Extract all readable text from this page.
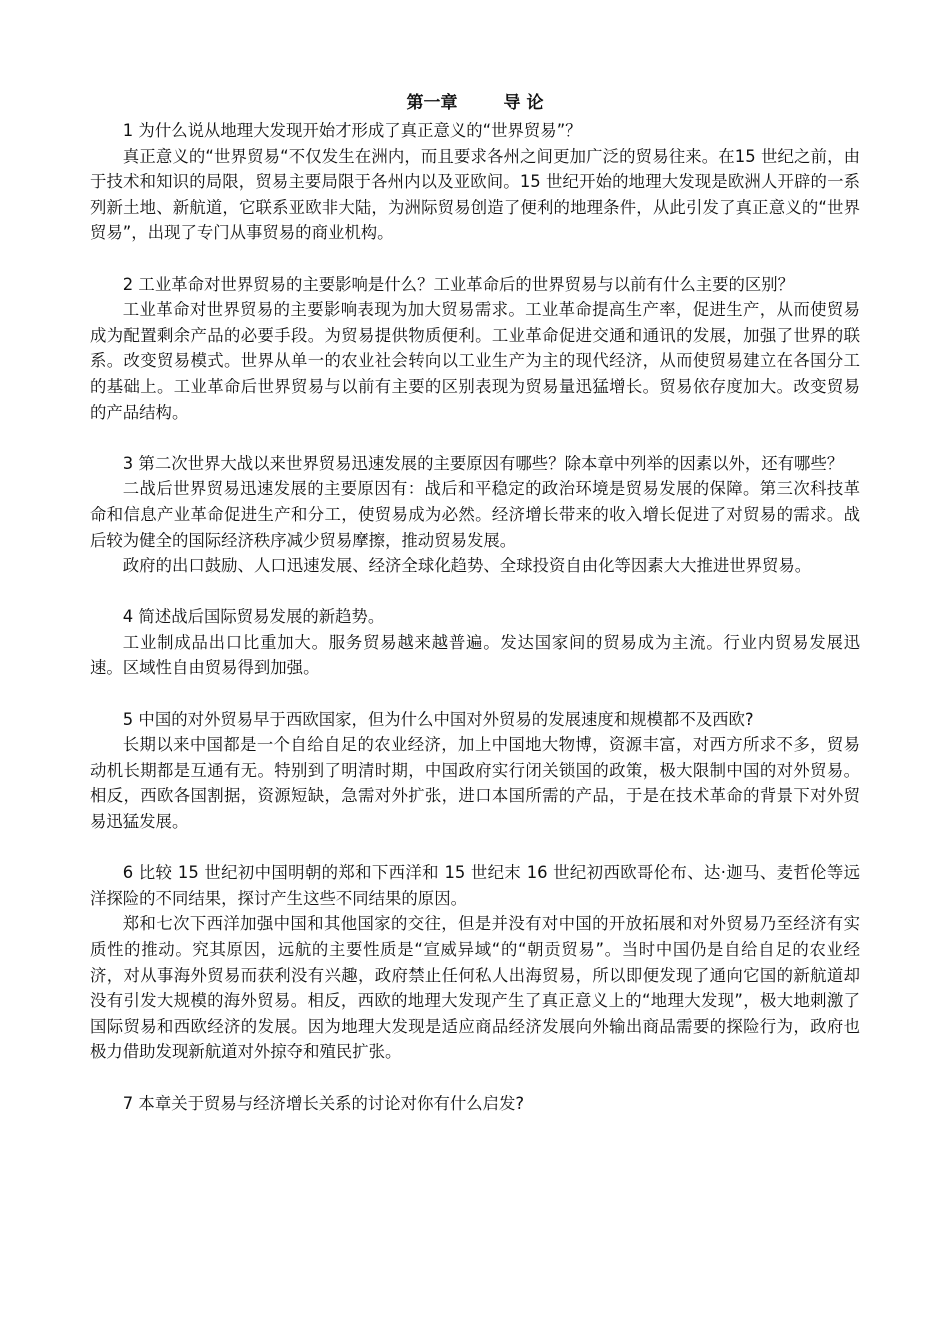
第一章	导 论

1 为什么说从地理大发现开始才形成了真正意义的“世界贸易”？

真正意义的“世界贸易“不仅发生在洲内，而且要求各州之间更加广泛的贸易往来。在15 世纪之前，由于技术和知识的局限，贸易主要局限于各州内以及亚欧间。15 世纪开始的地理大发现是欧洲人开辟的一系列新土地、新航道，它联系亚欧非大陆，为洲际贸易创造了便利的地理条件，从此引发了真正意义的“世界贸易”，出现了专门从事贸易的商业机构。

2 工业革命对世界贸易的主要影响是什么？工业革命后的世界贸易与以前有什么主要的区别？

工业革命对世界贸易的主要影响表现为加大贸易需求。工业革命提高生产率，促进生产，从而使贸易成为配置剩余产品的必要手段。为贸易提供物质便利。工业革命促进交通和通讯的发展，加强了世界的联系。改变贸易模式。世界从单一的农业社会转向以工业生产为主的现代经济，从而使贸易建立在各国分工的基础上。工业革命后世界贸易与以前有主要的区别表现为贸易量迅猛增长。贸易依存度加大。改变贸易的产品结构。

3 第二次世界大战以来世界贸易迅速发展的主要原因有哪些？除本章中列举的因素以外，还有哪些？

二战后世界贸易迅速发展的主要原因有：战后和平稳定的政治环境是贸易发展的保障。第三次科技革命和信息产业革命促进生产和分工，使贸易成为必然。经济增长带来的收入增长促进了对贸易的需求。战后较为健全的国际经济秩序减少贸易摩擦，推动贸易发展。

政府的出口鼓励、人口迅速发展、经济全球化趋势、全球投资自由化等因素大大推进世界贸易。

4 简述战后国际贸易发展的新趋势。

工业制成品出口比重加大。服务贸易越来越普遍。发达国家间的贸易成为主流。行业内贸易发展迅速。区域性自由贸易得到加强。

5 中国的对外贸易早于西欧国家，但为什么中国对外贸易的发展速度和规模都不及西欧?

长期以来中国都是一个自给自足的农业经济，加上中国地大物博，资源丰富，对西方所求不多，贸易动机长期都是互通有无。特别到了明清时期，中国政府实行闭关锁国的政策，极大限制中国的对外贸易。相反，西欧各国割据，资源短缺，急需对外扩张，进口本国所需的产品，于是在技术革命的背景下对外贸易迅猛发展。

6 比较 15 世纪初中国明朝的郑和下西洋和 15 世纪末 16 世纪初西欧哥伦布、达·迦马、麦哲伦等远洋探险的不同结果，探讨产生这些不同结果的原因。

郑和七次下西洋加强中国和其他国家的交往，但是并没有对中国的开放拓展和对外贸易乃至经济有实质性的推动。究其原因，远航的主要性质是“宣威异域“的“朝贡贸易”。当时中国仍是自给自足的农业经济，对从事海外贸易而获利没有兴趣，政府禁止任何私人出海贸易，所以即便发现了通向它国的新航道却没有引发大规模的海外贸易。相反，西欧的地理大发现产生了真正意义上的“地理大发现”，极大地刺激了国际贸易和西欧经济的发展。因为地理大发现是适应商品经济发展向外输出商品需要的探险行为，政府也极力借助发现新航道对外掠夺和殖民扩张。

7 本章关于贸易与经济增长关系的讨论对你有什么启发?
